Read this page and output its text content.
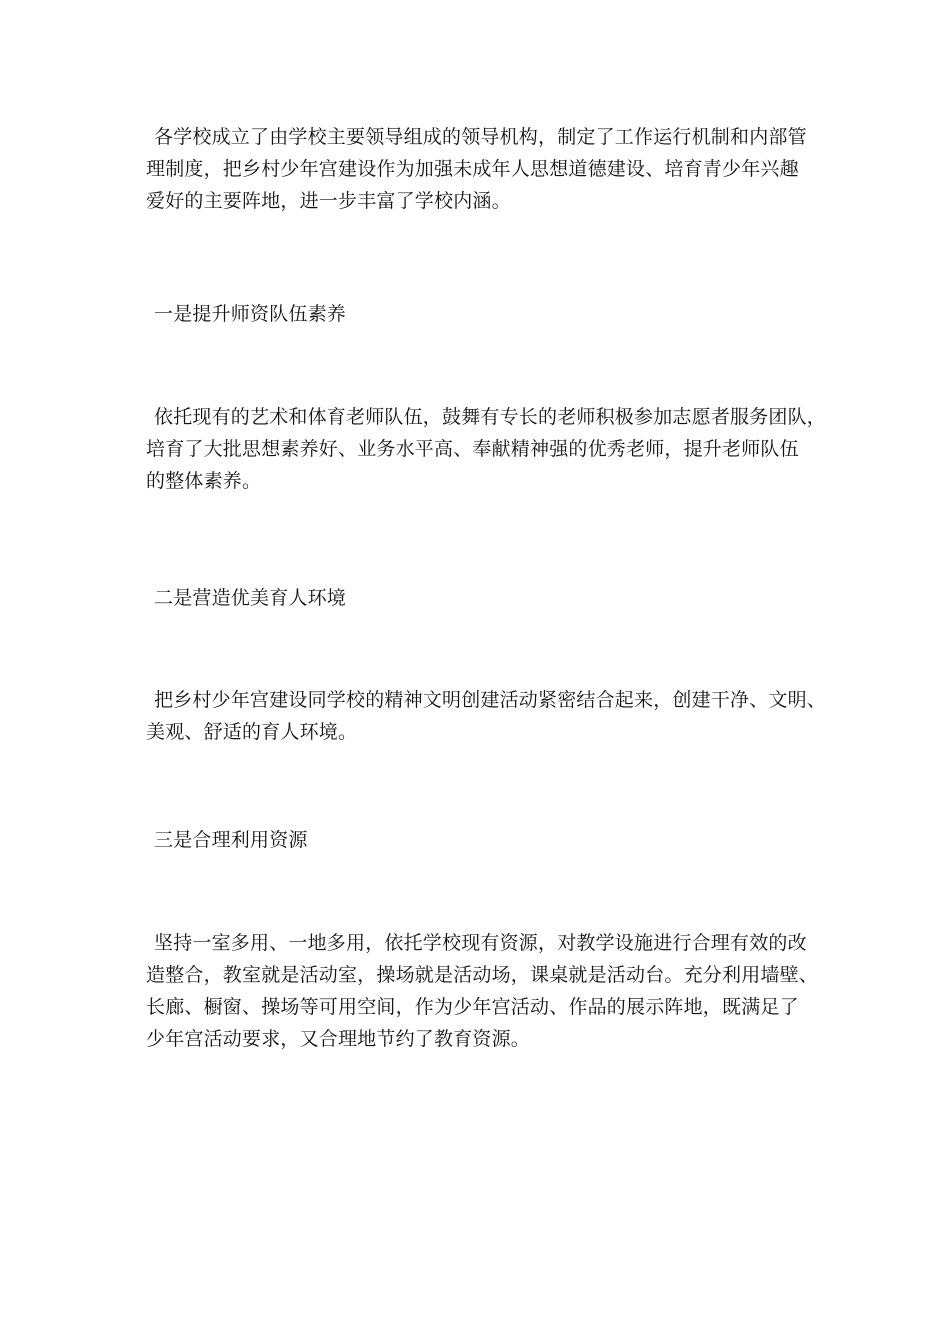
各学校成立了由学校主要领导组成的领导机构，制定了工作运行机制和内部管
理制度，把乡村少年宫建设作为加强未成年人思想道德建设、培育青少年兴趣
爱好的主要阵地，进一步丰富了学校内涵。
一是提升师资队伍素养
依托现有的艺术和体育老师队伍，鼓舞有专长的老师积极参加志愿者服务团队，
培育了大批思想素养好、业务水平高、奉献精神强的优秀老师，提升老师队伍
的整体素养。
二是营造优美育人环境
把乡村少年宫建设同学校的精神文明创建活动紧密结合起来，创建干净、文明、
美观、舒适的育人环境。
三是合理利用资源
坚持一室多用、一地多用，依托学校现有资源，对教学设施进行合理有效的改
造整合，教室就是活动室，操场就是活动场，课桌就是活动台。充分利用墙壁、
长廊、橱窗、操场等可用空间，作为少年宫活动、作品的展示阵地，既满足了
少年宫活动要求，又合理地节约了教育资源。
